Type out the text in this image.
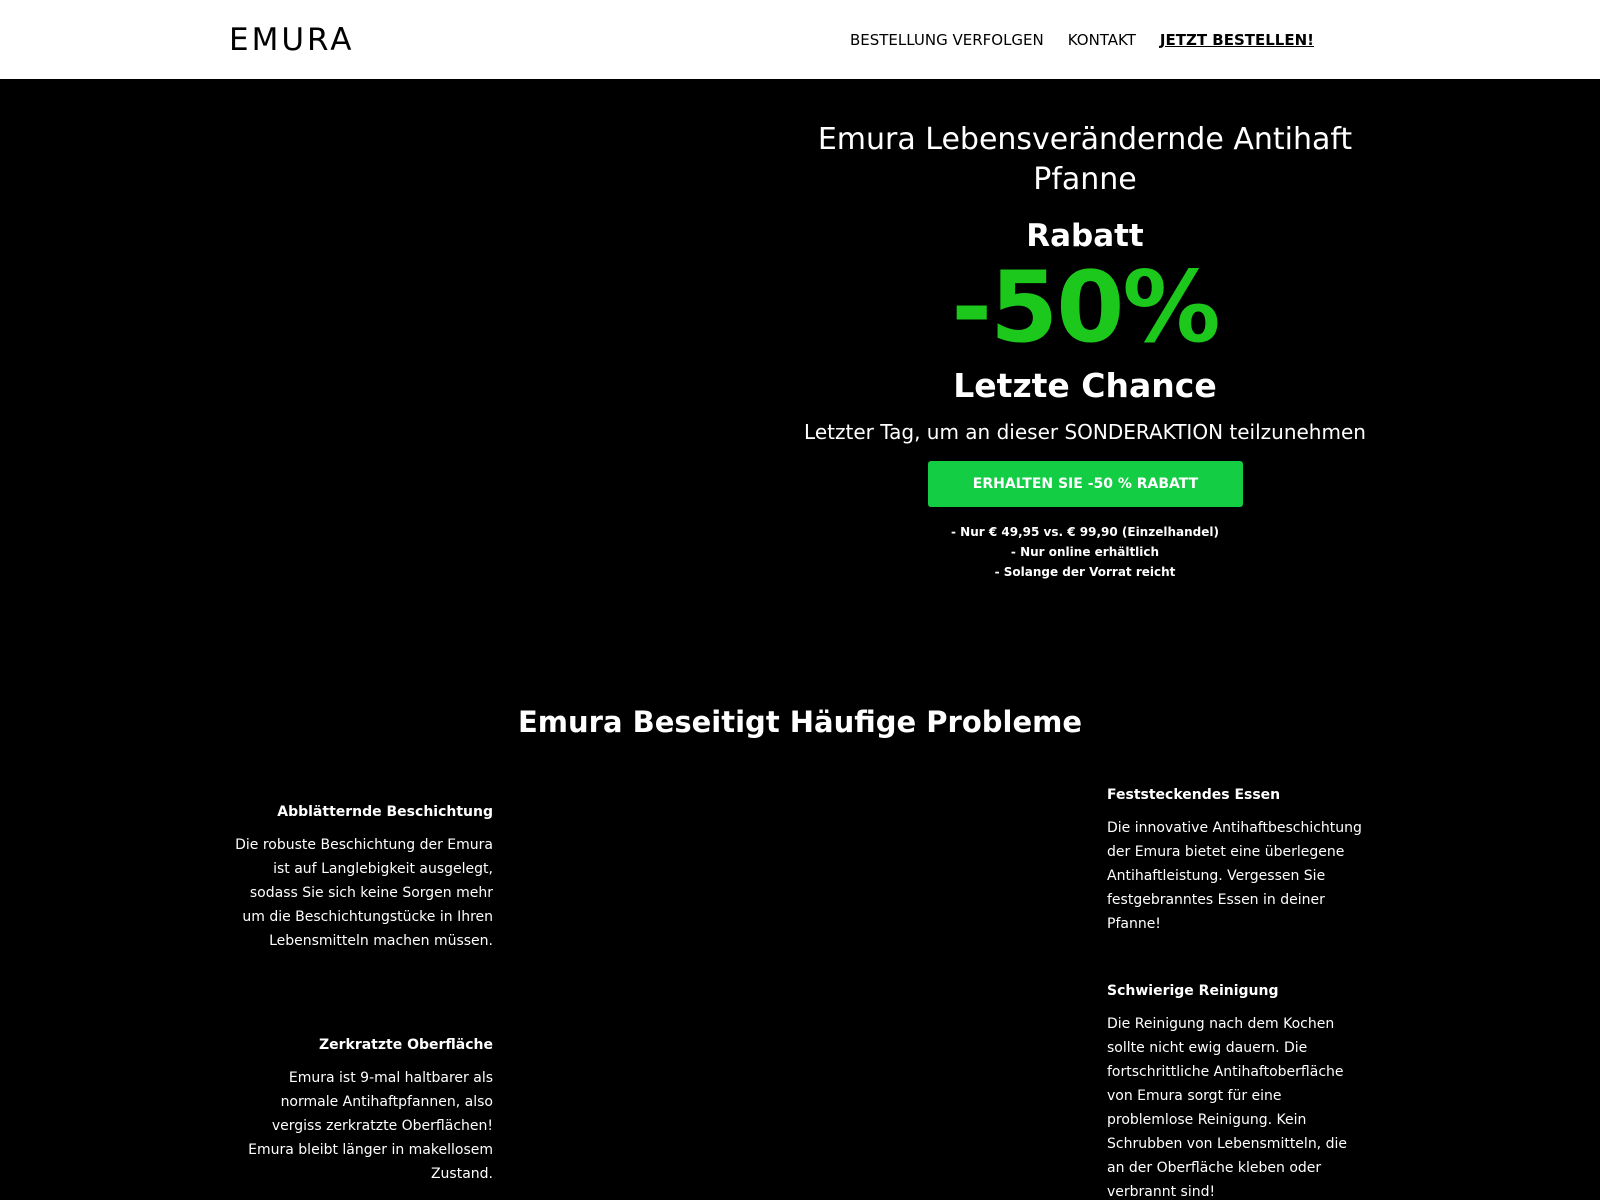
EMURA	BESTELLUNG VERFOLGEN KONTAKT JETZT BESTELLEN!
Emura Lebensverändernde Antihaft Pfanne
Rabatt
-50%
Letzte Chance
Letzter Tag, um an dieser SONDERAKTION teilzunehmen
ERHALTEN SIE -50 % RABATT
- Nur € 49,95 vs. € 99,90 (Einzelhandel)
- Nur online erhältlich
- Solange der Vorrat reicht
Emura Beseitigt Häufige Probleme
Abblätternde Beschichtung

Die robuste Beschichtung der Emura ist auf Langlebigkeit ausgelegt, sodass Sie sich keine Sorgen mehr um die Beschichtungstücke in Ihren Lebensmitteln machen müssen.

Zerkratzte Oberfläche

Emura ist 9-mal haltbarer als normale Antihaftpfannen, also vergiss zerkratzte Oberflächen! Emura bleibt länger in makellosem Zustand.

Feststeckendes Essen

Die innovative Antihaftbeschichtung der Emura bietet eine überlegene Antihaftleistung. Vergessen Sie festgebranntes Essen in deiner Pfanne!

Schwierige Reinigung

Die Reinigung nach dem Kochen sollte nicht ewig dauern. Die fortschrittliche Antihaftoberfläche von Emura sorgt für eine problemlose Reinigung. Kein Schrubben von Lebensmitteln, die an der Oberfläche kleben oder verbrannt sind!
